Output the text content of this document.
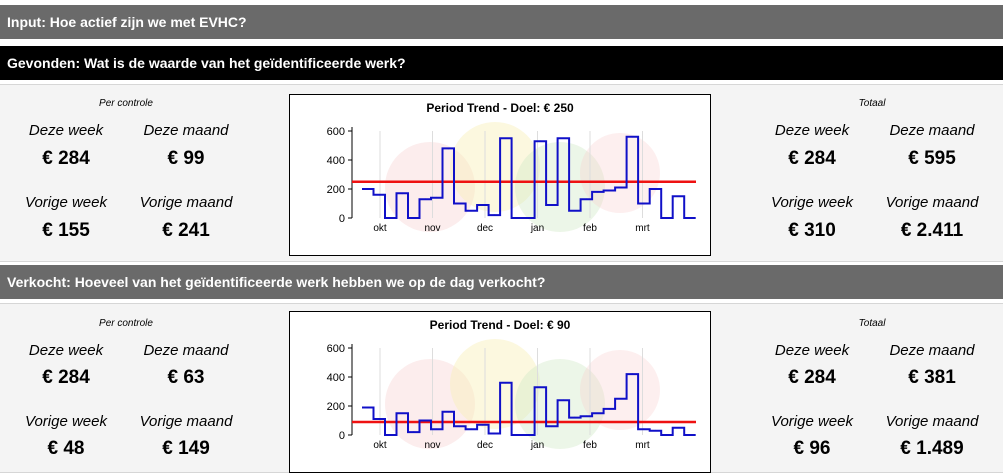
Input: Hoe actief zijn we met EVHC?
Gevonden: Wat is de waarde van het geïdentificeerde werk?
Per controle
Deze week	Deze maand
€ 284	€ 99
Vorige week	Vorige maand
€ 155	€ 241
Period Trend - Doel: € 250
0
200
400
600
okt	nov	dec	jan	feb	mrt
Totaal
Deze week	Deze maand
€ 284	€ 595
Vorige week	Vorige maand
€ 310	€ 2.411
Verkocht: Hoeveel van het geïdentificeerde werk hebben we op de dag verkocht?
Per controle
Deze week	Deze maand
€ 284	€ 63
Vorige week	Vorige maand
€ 48	€ 149
Period Trend - Doel: € 90
0
200
400
600
okt	nov	dec	jan	feb	mrt
Totaal
Deze week	Deze maand
€ 284	€ 381
Vorige week	Vorige maand
€ 96	€ 1.489
